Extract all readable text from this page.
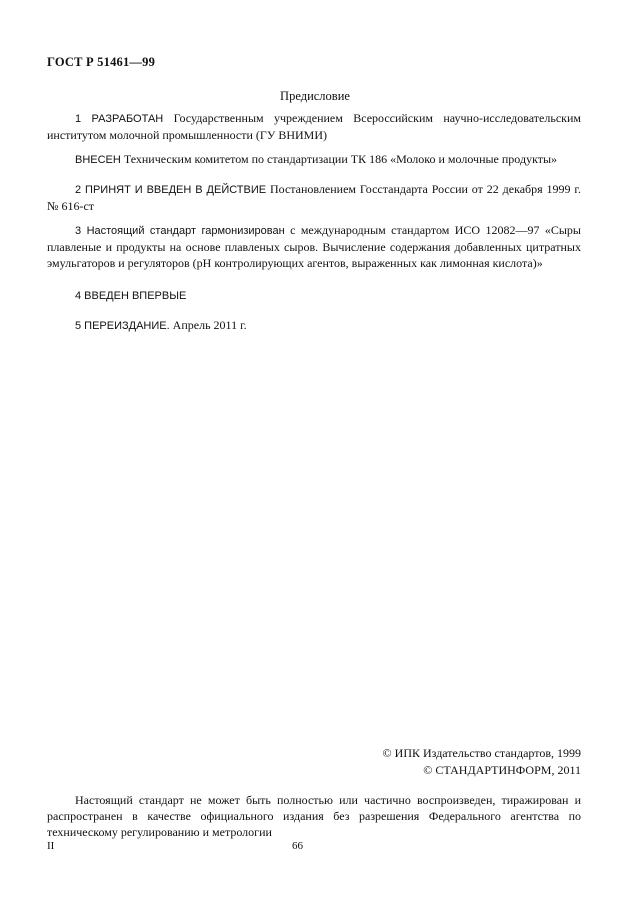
ГОСТ Р 51461—99
Предисловие
1 РАЗРАБОТАН Государственным учреждением Всероссийским научно-исследовательским институтом молочной промышленности (ГУ ВНИМИ)
ВНЕСЕН Техническим комитетом по стандартизации ТК 186 «Молоко и молочные продукты»
2 ПРИНЯТ И ВВЕДЕН В ДЕЙСТВИЕ Постановлением Госстандарта России от 22 декабря 1999 г. № 616-ст
3 Настоящий стандарт гармонизирован с международным стандартом ИСО 12082—97 «Сыры плавленые и продукты на основе плавленых сыров. Вычисление содержания добавленных цитратных эмульгаторов и регуляторов (pH контролирующих агентов, выраженных как лимонная кислота)»
4 ВВЕДЕН ВПЕРВЫЕ
5 ПЕРЕИЗДАНИЕ. Апрель 2011 г.
© ИПК Издательство стандартов, 1999
© СТАНДАРТИНФОРМ, 2011
Настоящий стандарт не может быть полностью или частично воспроизведен, тиражирован и распространен в качестве официального издания без разрешения Федерального агентства по техническому регулированию и метрологии
II	66
